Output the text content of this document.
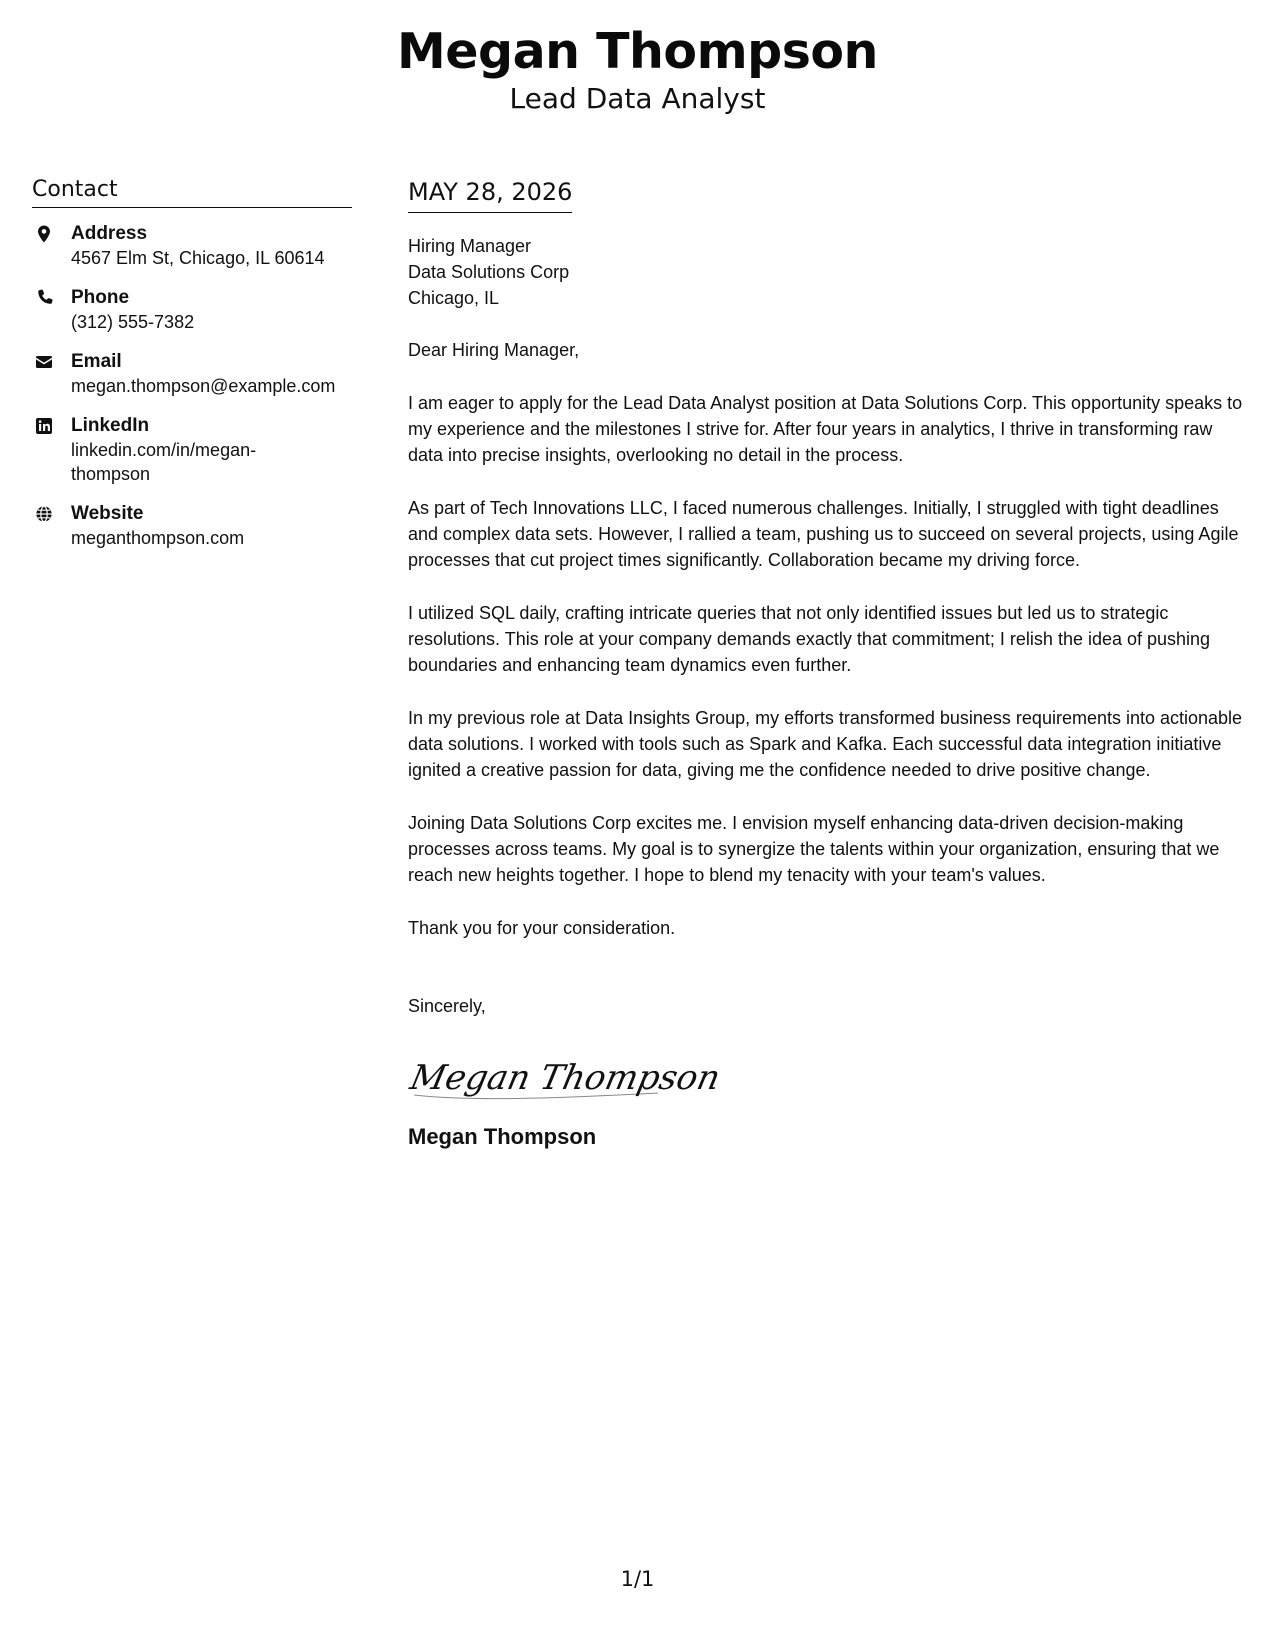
Megan Thompson

Lead Data Analyst

Contact
Address
4567 Elm St, Chicago, IL 60614
Phone
(312) 555-7382
Email
megan.thompson@example.com
LinkedIn
linkedin.com/in/megan-
thompson
Website
meganthompson.com
MAY 28, 2026

Hiring Manager

Data Solutions Corp

Chicago, IL

Dear Hiring Manager,

I am eager to apply for the Lead Data Analyst position at Data Solutions Corp. This opportunity speaks to my experience and the milestones I strive for. After four years in analytics, I thrive in transforming raw data into precise insights, overlooking no detail in the process.

As part of Tech Innovations LLC, I faced numerous challenges. Initially, I struggled with tight deadlines and complex data sets. However, I rallied a team, pushing us to succeed on several projects, using Agile processes that cut project times significantly. Collaboration became my driving force.

I utilized SQL daily, crafting intricate queries that not only identified issues but led us to strategic resolutions. This role at your company demands exactly that commitment; I relish the idea of pushing boundaries and enhancing team dynamics even further.

In my previous role at Data Insights Group, my efforts transformed business requirements into actionable data solutions. I worked with tools such as Spark and Kafka. Each successful data integration initiative ignited a creative passion for data, giving me the confidence needed to drive positive change.

Joining Data Solutions Corp excites me. I envision myself enhancing data-driven decision-making processes across teams. My goal is to synergize the talents within your organization, ensuring that we reach new heights together. I hope to blend my tenacity with your team's values.

Thank you for your consideration.

Sincerely,
Megan Thompson
Megan Thompson
1/1
